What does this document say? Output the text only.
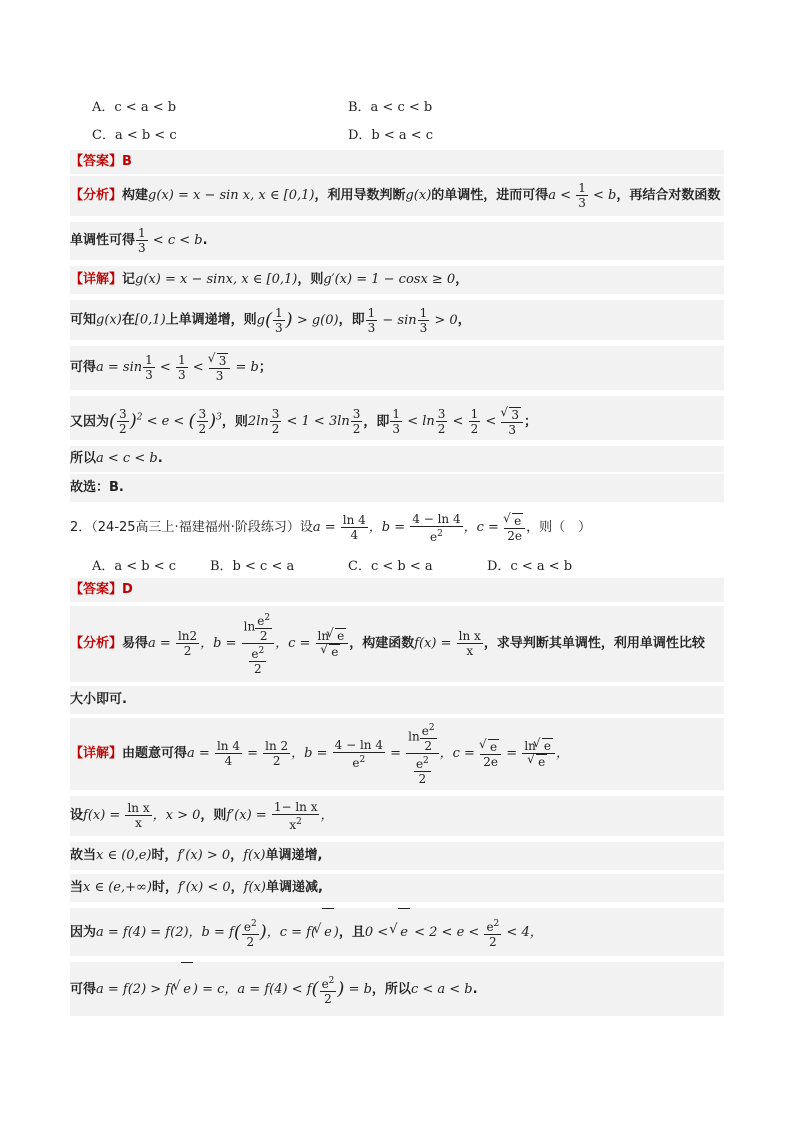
A．c < a < b	B．a < c < b
C．a < b < c	D．b < a < c
【答案】B
【分析】构建g(x) = x − sin x, x ∈ [0,1)，利用导数判断g(x)的单调性，进而可得$a < \frac{1}{3} < b$，再结合对数函数
单调性可得 $\frac{1}{3} < c < b$.
【详解】记g(x) = x − sinx, x ∈ [0,1)，则g′(x) = 1 − cosx ≥ 0，
可知g(x)在[0,1)上单调递增，则$g( \frac{1}{3}$ ) > g(0)，即 $\frac{1}{3} - \sin \frac{1}{3} > 0$，
可得$a = \sin \frac{1}{3} < \frac{1}{3}$ <
√ $\frac{3}{3} = b$；
又因为( $\frac{3}{2} )^2 < e$ < ( $\frac{3}{2} )^3$，则$2\ln \frac{3}{2} < 1 < 3\ln \frac{3}{2}$ ，即 $\frac{1}{3} < \ln \frac{3}{2} < \frac{1}{2}$ <
√ $\frac{3}{3}$ ；
所以a < c < b.
故选：B.
2．（24-25高三上·福建福州·阶段练习）设$a = \frac{\ln 4}{4}$ ，$b = \frac{4 - \ln 4}{e^2}$ ，c =
√ $\frac{e}{2e}$ ，则（　）
A．a < b < c	B．b < c < a	C．c < b < a	D．c < a < b
【答案】D
【分析】易得$a = \frac{\ln 2}{2}$ ，$b = \frac{\ln \frac{e^2}{2}}{\frac{e^2}{2}}$ ，c = ln√ e
√ e ，构建函数$f(x) = \frac{\text{ln x}}{x}$ ，求导判断其单调性，利用单调性比较
大小即可.
【详解】由题意可得$a = \frac{\ln 4}{4} = \frac{\ln 2}{2}$ ，$b = \frac{4 - \ln 4}{e^2} = \frac{\ln \frac{e^2}{2}}{\frac{e^2}{2}}$ ，c =
√ $\frac{e}{2e} = \ln√$ e
√ e ，
设$f(x) = \frac{\text{ln x}}{x}$ ，x > 0，则$f'(x) = \frac{\text{1− ln x}}{x^2}$ ，
故当x ∈ (0,e)时，f′(x) > 0，f(x)单调递增,
当x ∈ (e,+∞)时，f′(x) < 0，f(x)单调递减,
因为a = f(4) = f(2)，$b = f( \frac{e^2}{2}$ )，c = f(√ e )，且0 < √ $e < 2 < e < \frac{e^2}{2} < 4$，
可得a = f(2) > f(√ e ) = c，$a = f(4) < f( \frac{e^2}{2}$ ) = b，所以c < a < b.
